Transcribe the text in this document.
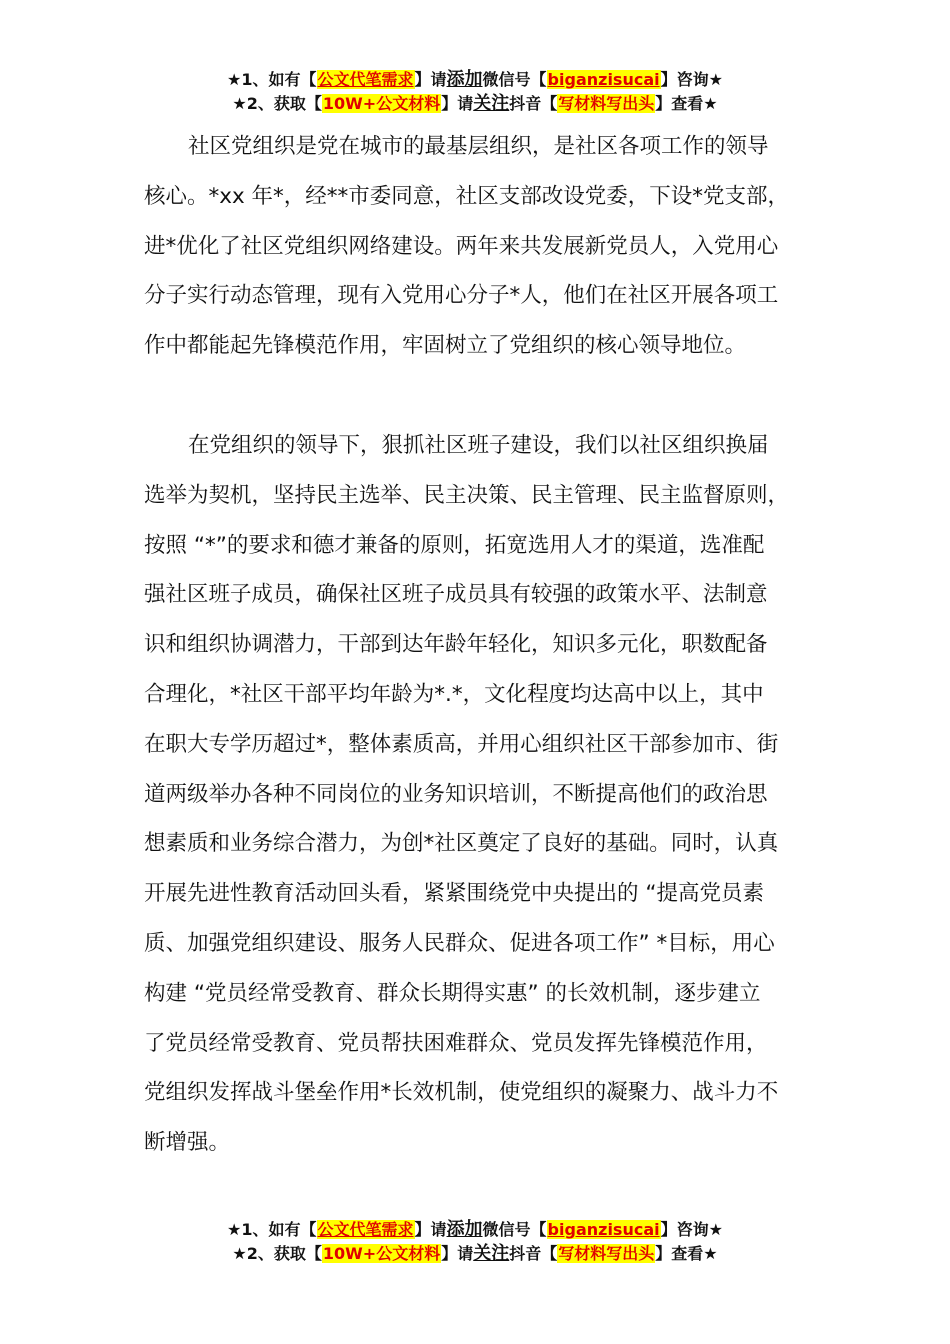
★1、如有【公文代笔需求】请添加微信号【biganzisucai】咨询★
★2、获取【10W+公文材料】请关注抖音【写材料写出头】查看★
社区党组织是党在城市的最基层组织，是社区各项工作的领导
核心。*xx 年*，经**市委同意，社区支部改设党委，下设*党支部，
进*优化了社区党组织网络建设。两年来共发展新党员人，入党用心
分子实行动态管理，现有入党用心分子*人，他们在社区开展各项工
作中都能起先锋模范作用，牢固树立了党组织的核心领导地位。
在党组织的领导下，狠抓社区班子建设，我们以社区组织换届
选举为契机，坚持民主选举、民主决策、民主管理、民主监督原则，
按照 “*”的要求和德才兼备的原则，拓宽选用人才的渠道，选准配
强社区班子成员，确保社区班子成员具有较强的政策水平、法制意
识和组织协调潜力，干部到达年龄年轻化，知识多元化，职数配备
合理化，*社区干部平均年龄为*.*，文化程度均达高中以上，其中
在职大专学历超过*，整体素质高，并用心组织社区干部参加市、街
道两级举办各种不同岗位的业务知识培训，不断提高他们的政治思
想素质和业务综合潜力，为创*社区奠定了良好的基础。同时，认真
开展先进性教育活动回头看，紧紧围绕党中央提出的 “提高党员素
质、加强党组织建设、服务人民群众、促进各项工作” *目标，用心
构建 “党员经常受教育、群众长期得实惠” 的长效机制，逐步建立
了党员经常受教育、党员帮扶困难群众、党员发挥先锋模范作用，
党组织发挥战斗堡垒作用*长效机制，使党组织的凝聚力、战斗力不
断增强。
★1、如有【公文代笔需求】请添加微信号【biganzisucai】咨询★
★2、获取【10W+公文材料】请关注抖音【写材料写出头】查看★
